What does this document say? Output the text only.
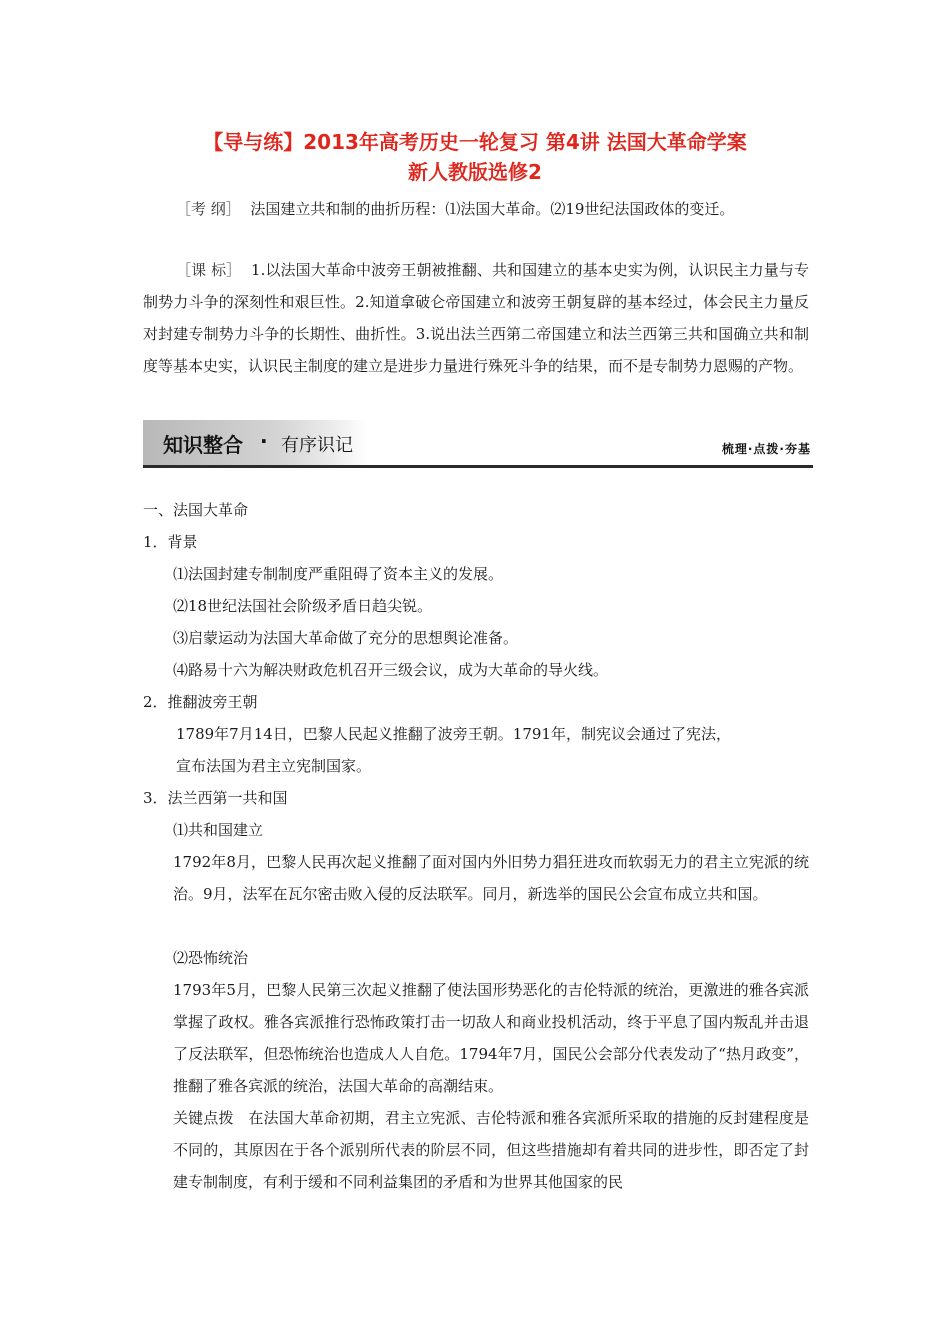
【导与练】2013年高考历史一轮复习 第4讲 法国大革命学案
新人教版选修2
［考 纲］ 法国建立共和制的曲折历程：⑴法国大革命。⑵19世纪法国政体的变迁。
［课 标］ 1.以法国大革命中波旁王朝被推翻、共和国建立的基本史实为例，认识民主力量与专制势力斗争的深刻性和艰巨性。2.知道拿破仑帝国建立和波旁王朝复辟的基本经过，体会民主力量反对封建专制势力斗争的长期性、曲折性。3.说出法兰西第二帝国建立和法兰西第三共和国确立共和制度等基本史实，认识民主制度的建立是进步力量进行殊死斗争的结果，而不是专制势力恩赐的产物。
知识整合 · 有序识记	梳理·点拨·夯基
一、法国大革命
1．背景
⑴法国封建专制制度严重阻碍了资本主义的发展。
⑵18世纪法国社会阶级矛盾日趋尖锐。
⑶启蒙运动为法国大革命做了充分的思想舆论准备。
⑷路易十六为解决财政危机召开三级会议，成为大革命的导火线。
2．推翻波旁王朝
1789年7月14日，巴黎人民起义推翻了波旁王朝。1791年，制宪议会通过了宪法，
宣布法国为君主立宪制国家。
3．法兰西第一共和国
⑴共和国建立
1792年8月，巴黎人民再次起义推翻了面对国内外旧势力猖狂进攻而软弱无力的君主立宪派的统治。9月，法军在瓦尔密击败入侵的反法联军。同月，新选举的国民公会宣布成立共和国。
⑵恐怖统治
1793年5月，巴黎人民第三次起义推翻了使法国形势恶化的吉伦特派的统治，更激进的雅各宾派掌握了政权。雅各宾派推行恐怖政策打击一切敌人和商业投机活动，终于平息了国内叛乱并击退了反法联军，但恐怖统治也造成人人自危。1794年7月，国民公会部分代表发动了“热月政变”，推翻了雅各宾派的统治，法国大革命的高潮结束。
关键点拨 在法国大革命初期，君主立宪派、吉伦特派和雅各宾派所采取的措施的反封建程度是不同的，其原因在于各个派别所代表的阶层不同，但这些措施却有着共同的进步性，即否定了封建专制制度，有利于缓和不同利益集团的矛盾和为世界其他国家的民
